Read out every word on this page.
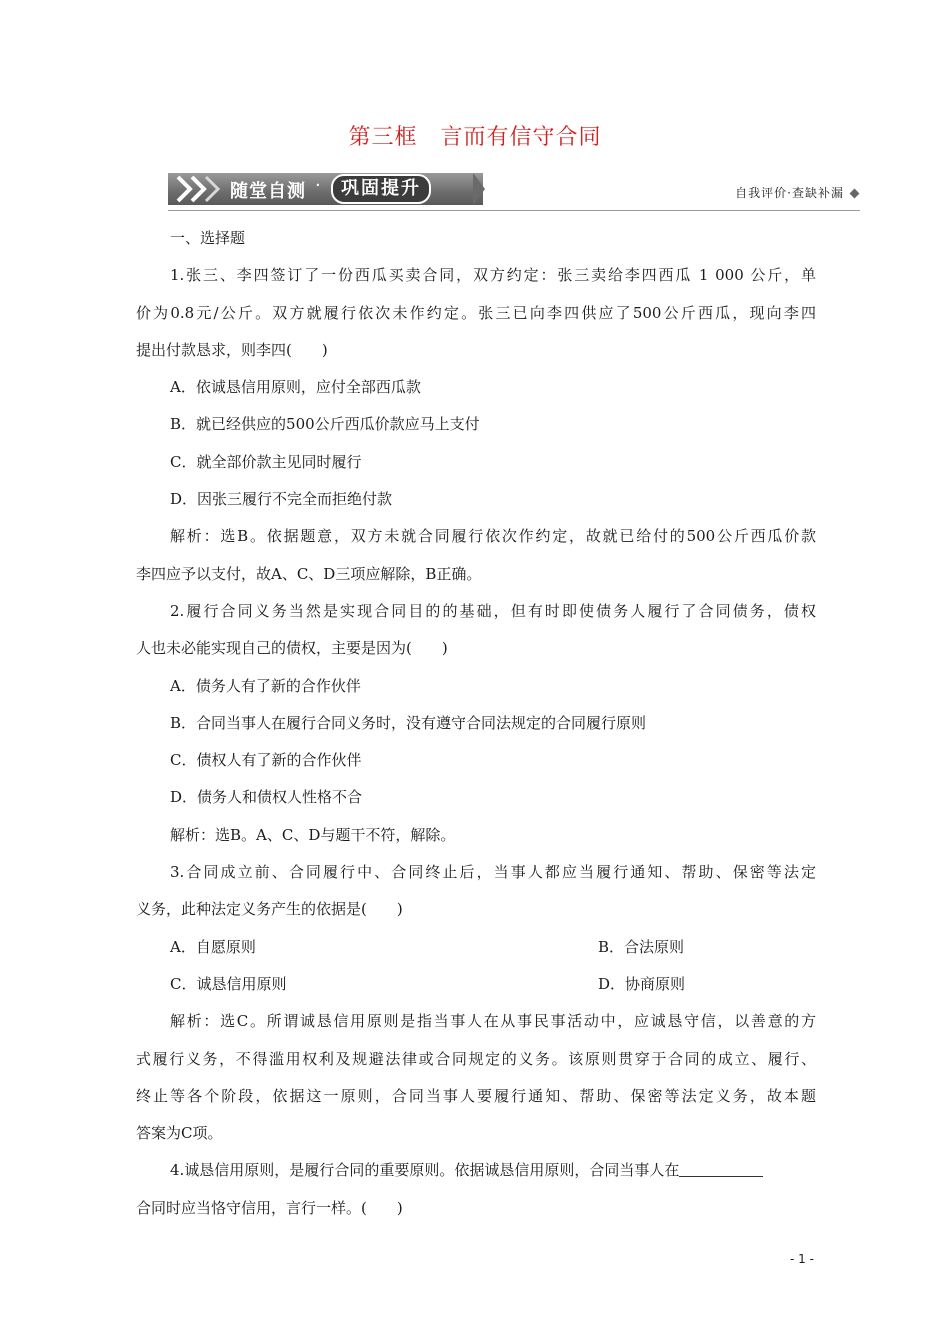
第三框　言而有信守合同
随堂自测 ·	巩固提升	自我评价·查缺补漏
一、选择题
1.张三、李四签订了一份西瓜买卖合同，双方约定：张三卖给李四西瓜 1 000 公斤，单
价为0.8元/公斤。双方就履行依次未作约定。张三已向李四供应了500公斤西瓜，现向李四
提出付款恳求，则李四(　　)
A．依诚恳信用原则，应付全部西瓜款
B．就已经供应的500公斤西瓜价款应马上支付
C．就全部价款主见同时履行
D．因张三履行不完全而拒绝付款
解析：选B。依据题意，双方未就合同履行依次作约定，故就已给付的500公斤西瓜价款
李四应予以支付，故A、C、D三项应解除，B正确。
2.履行合同义务当然是实现合同目的的基础，但有时即使债务人履行了合同债务，债权
人也未必能实现自己的债权，主要是因为(　　)
A．债务人有了新的合作伙伴
B．合同当事人在履行合同义务时，没有遵守合同法规定的合同履行原则
C．债权人有了新的合作伙伴
D．债务人和债权人性格不合
解析：选B。A、C、D与题干不符，解除。
3.合同成立前、合同履行中、合同终止后，当事人都应当履行通知、帮助、保密等法定
义务，此种法定义务产生的依据是(　　)
A．自愿原则	B．合法原则
C．诚恳信用原则	D．协商原则
解析：选C。所谓诚恳信用原则是指当事人在从事民事活动中，应诚恳守信，以善意的方
式履行义务，不得滥用权利及规避法律或合同规定的义务。该原则贯穿于合同的成立、履行、
终止等各个阶段，依据这一原则，合同当事人要履行通知、帮助、保密等法定义务，故本题
答案为C项。
4.诚恳信用原则，是履行合同的重要原则。依据诚恳信用原则，合同当事人在
合同时应当恪守信用，言行一样。(　　)
- 1 -
